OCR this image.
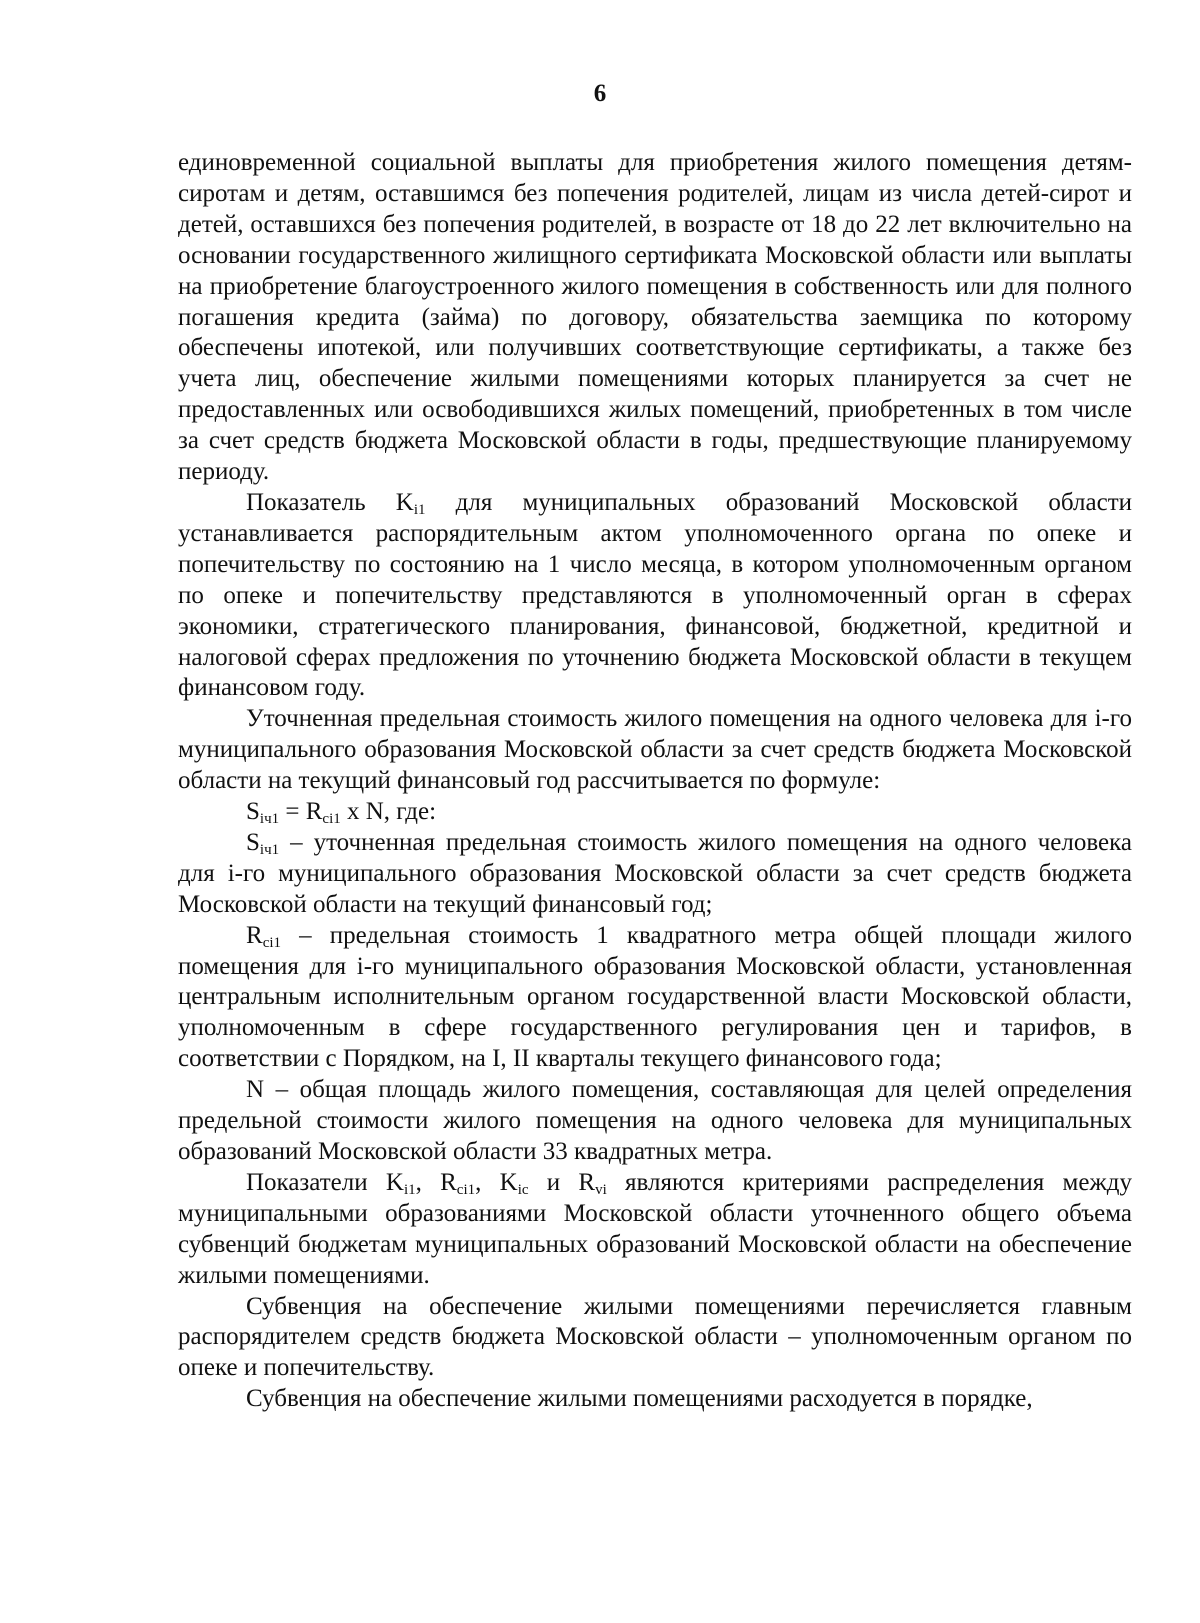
6

единовременной социальной выплаты для приобретения жилого помещения детям-сиротам и детям, оставшимся без попечения родителей, лицам из числа детей-сирот и детей, оставшихся без попечения родителей, в возрасте от 18 до 22 лет включительно на основании государственного жилищного сертификата Московской области или выплаты на приобретение благоустроенного жилого помещения в собственность или для полного погашения кредита (займа) по договору, обязательства заемщика по которому обеспечены ипотекой, или получивших соответствующие сертификаты, а также без учета лиц, обеспечение жилыми помещениями которых планируется за счет не предоставленных или освободившихся жилых помещений, приобретенных в том числе за счет средств бюджета Московской области в годы, предшествующие планируемому периоду.

Показатель $K_{i1}$ для муниципальных образований Московской области устанавливается распорядительным актом уполномоченного органа по опеке и попечительству по состоянию на 1 число месяца, в котором уполномоченным органом по опеке и попечительству представляются в уполномоченный орган в сферах экономики, стратегического планирования, финансовой, бюджетной, кредитной и налоговой сферах предложения по уточнению бюджета Московской области в текущем финансовом году.

Уточненная предельная стоимость жилого помещения на одного человека для i-го муниципального образования Московской области за счет средств бюджета Московской области на текущий финансовый год рассчитывается по формуле:

$S_{iч1} = R_{ci1}$ x N, где:

$S_{iч1}$ – уточненная предельная стоимость жилого помещения на одного человека для i-го муниципального образования Московской области за счет средств бюджета Московской области на текущий финансовый год;

$R_{ci1}$ – предельная стоимость 1 квадратного метра общей площади жилого помещения для i-го муниципального образования Московской области, установленная центральным исполнительным органом государственной власти Московской области, уполномоченным в сфере государственного регулирования цен и тарифов, в соответствии с Порядком, на I, II кварталы текущего финансового года;

N – общая площадь жилого помещения, составляющая для целей определения предельной стоимости жилого помещения на одного человека для муниципальных образований Московской области 33 квадратных метра.

Показатели $K_{i1}$, $R_{ci1}$, $K_{ic}$ и $R_{vi}$ являются критериями распределения между муниципальными образованиями Московской области уточненного общего объема субвенций бюджетам муниципальных образований Московской области на обеспечение жилыми помещениями.

Субвенция на обеспечение жилыми помещениями перечисляется главным распорядителем средств бюджета Московской области – уполномоченным органом по опеке и попечительству.

Субвенция на обеспечение жилыми помещениями расходуется в порядке,
